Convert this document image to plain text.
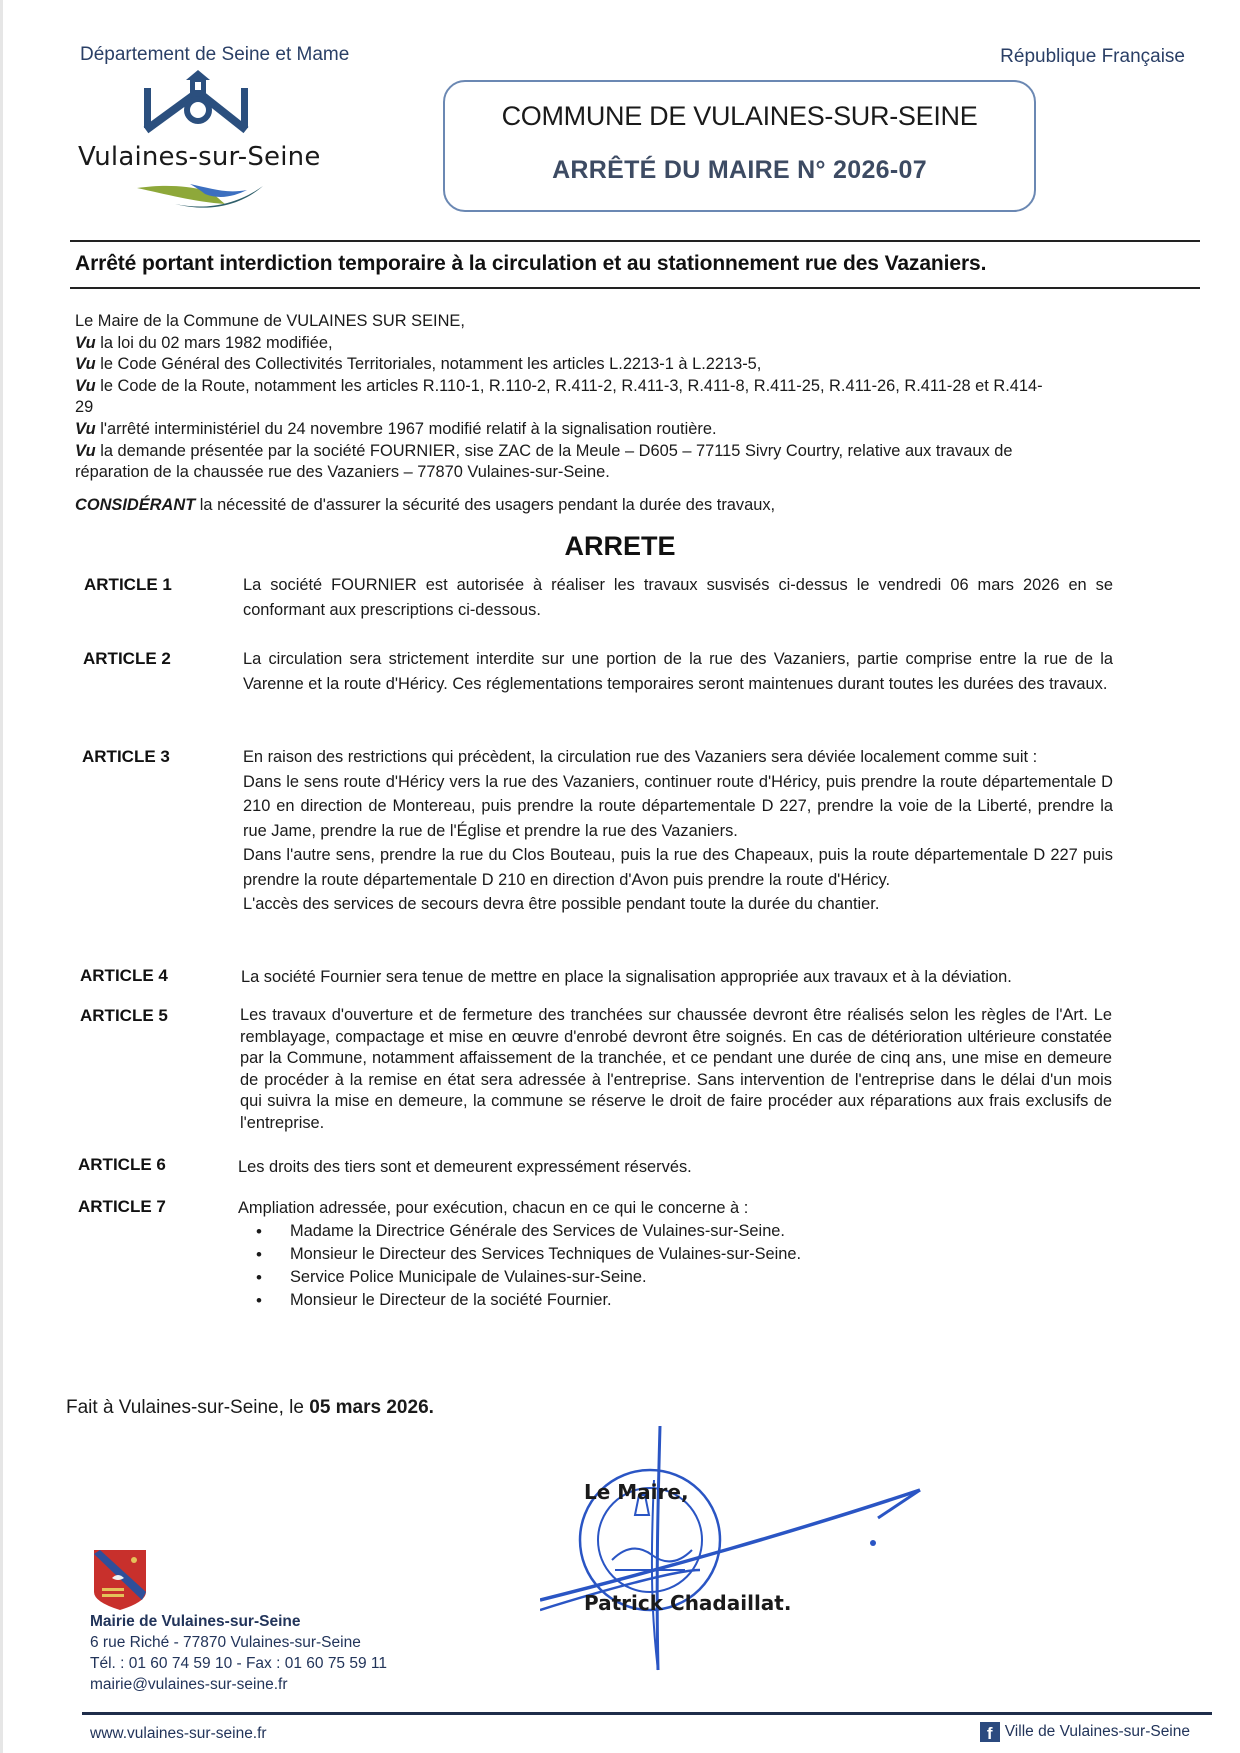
Département de Seine et Mame	République Française
Vulaines-sur-Seine
COMMUNE DE VULAINES-SUR-SEINE
ARRÊTÉ DU MAIRE N° 2026-07
Arrêté portant interdiction temporaire à la circulation et au stationnement rue des Vazaniers.
Le Maire de la Commune de VULAINES SUR SEINE,
Vu la loi du 02 mars 1982 modifiée,
Vu le Code Général des Collectivités Territoriales, notamment les articles L.2213-1 à L.2213-5,
Vu le Code de la Route, notamment les articles R.110-1, R.110-2, R.411-2, R.411-3, R.411-8, R.411-25, R.411-26, R.411-28 et R.414-
29
Vu l'arrêté interministériel du 24 novembre 1967 modifié relatif à la signalisation routière.
Vu la demande présentée par la société FOURNIER, sise ZAC de la Meule – D605 – 77115 Sivry Courtry, relative aux travaux de
réparation de la chaussée rue des Vazaniers – 77870 Vulaines-sur-Seine.
CONSIDÉRANT la nécessité de d'assurer la sécurité des usagers pendant la durée des travaux,
ARRETE
ARTICLE 1	La société FOURNIER est autorisée à réaliser les travaux susvisés ci-dessus le vendredi 06 mars 2026 en se conformant aux prescriptions ci-dessous.
ARTICLE 2	La circulation sera strictement interdite sur une portion de la rue des Vazaniers, partie comprise entre la rue de la Varenne et la route d'Héricy. Ces réglementations temporaires seront maintenues durant toutes les durées des travaux.
ARTICLE 3	En raison des restrictions qui précèdent, la circulation rue des Vazaniers sera déviée localement comme suit :
Dans le sens route d'Héricy vers la rue des Vazaniers, continuer route d'Héricy, puis prendre la route départementale D 210 en direction de Montereau, puis prendre la route départementale D 227, prendre la voie de la Liberté, prendre la rue Jame, prendre la rue de l'Église et prendre la rue des Vazaniers.
Dans l'autre sens, prendre la rue du Clos Bouteau, puis la rue des Chapeaux, puis la route départementale D 227 puis prendre la route départementale D 210 en direction d'Avon puis prendre la route d'Héricy.
L'accès des services de secours devra être possible pendant toute la durée du chantier.
ARTICLE 4	La société Fournier sera tenue de mettre en place la signalisation appropriée aux travaux et à la déviation.
ARTICLE 5	Les travaux d'ouverture et de fermeture des tranchées sur chaussée devront être réalisés selon les règles de l'Art. Le remblayage, compactage et mise en œuvre d'enrobé devront être soignés. En cas de détérioration ultérieure constatée par la Commune, notamment affaissement de la tranchée, et ce pendant une durée de cinq ans, une mise en demeure de procéder à la remise en état sera adressée à l'entreprise. Sans intervention de l'entreprise dans le délai d'un mois qui suivra la mise en demeure, la commune se réserve le droit de faire procéder aux réparations aux frais exclusifs de l'entreprise.
ARTICLE 6	Les droits des tiers sont et demeurent expressément réservés.
ARTICLE 7	Ampliation adressée, pour exécution, chacun en ce qui le concerne à :
• Madame la Directrice Générale des Services de Vulaines-sur-Seine.
• Monsieur le Directeur des Services Techniques de Vulaines-sur-Seine.
• Service Police Municipale de Vulaines-sur-Seine.
• Monsieur le Directeur de la société Fournier.
Fait à Vulaines-sur-Seine, le 05 mars 2026.
Le Maire,
Patrick Chadaillat.
Mairie de Vulaines-sur-Seine
6 rue Riché - 77870 Vulaines-sur-Seine
Tél. : 01 60 74 59 10 - Fax : 01 60 75 59 11
mairie@vulaines-sur-seine.fr
www.vulaines-sur-seine.fr	f Ville de Vulaines-sur-Seine
